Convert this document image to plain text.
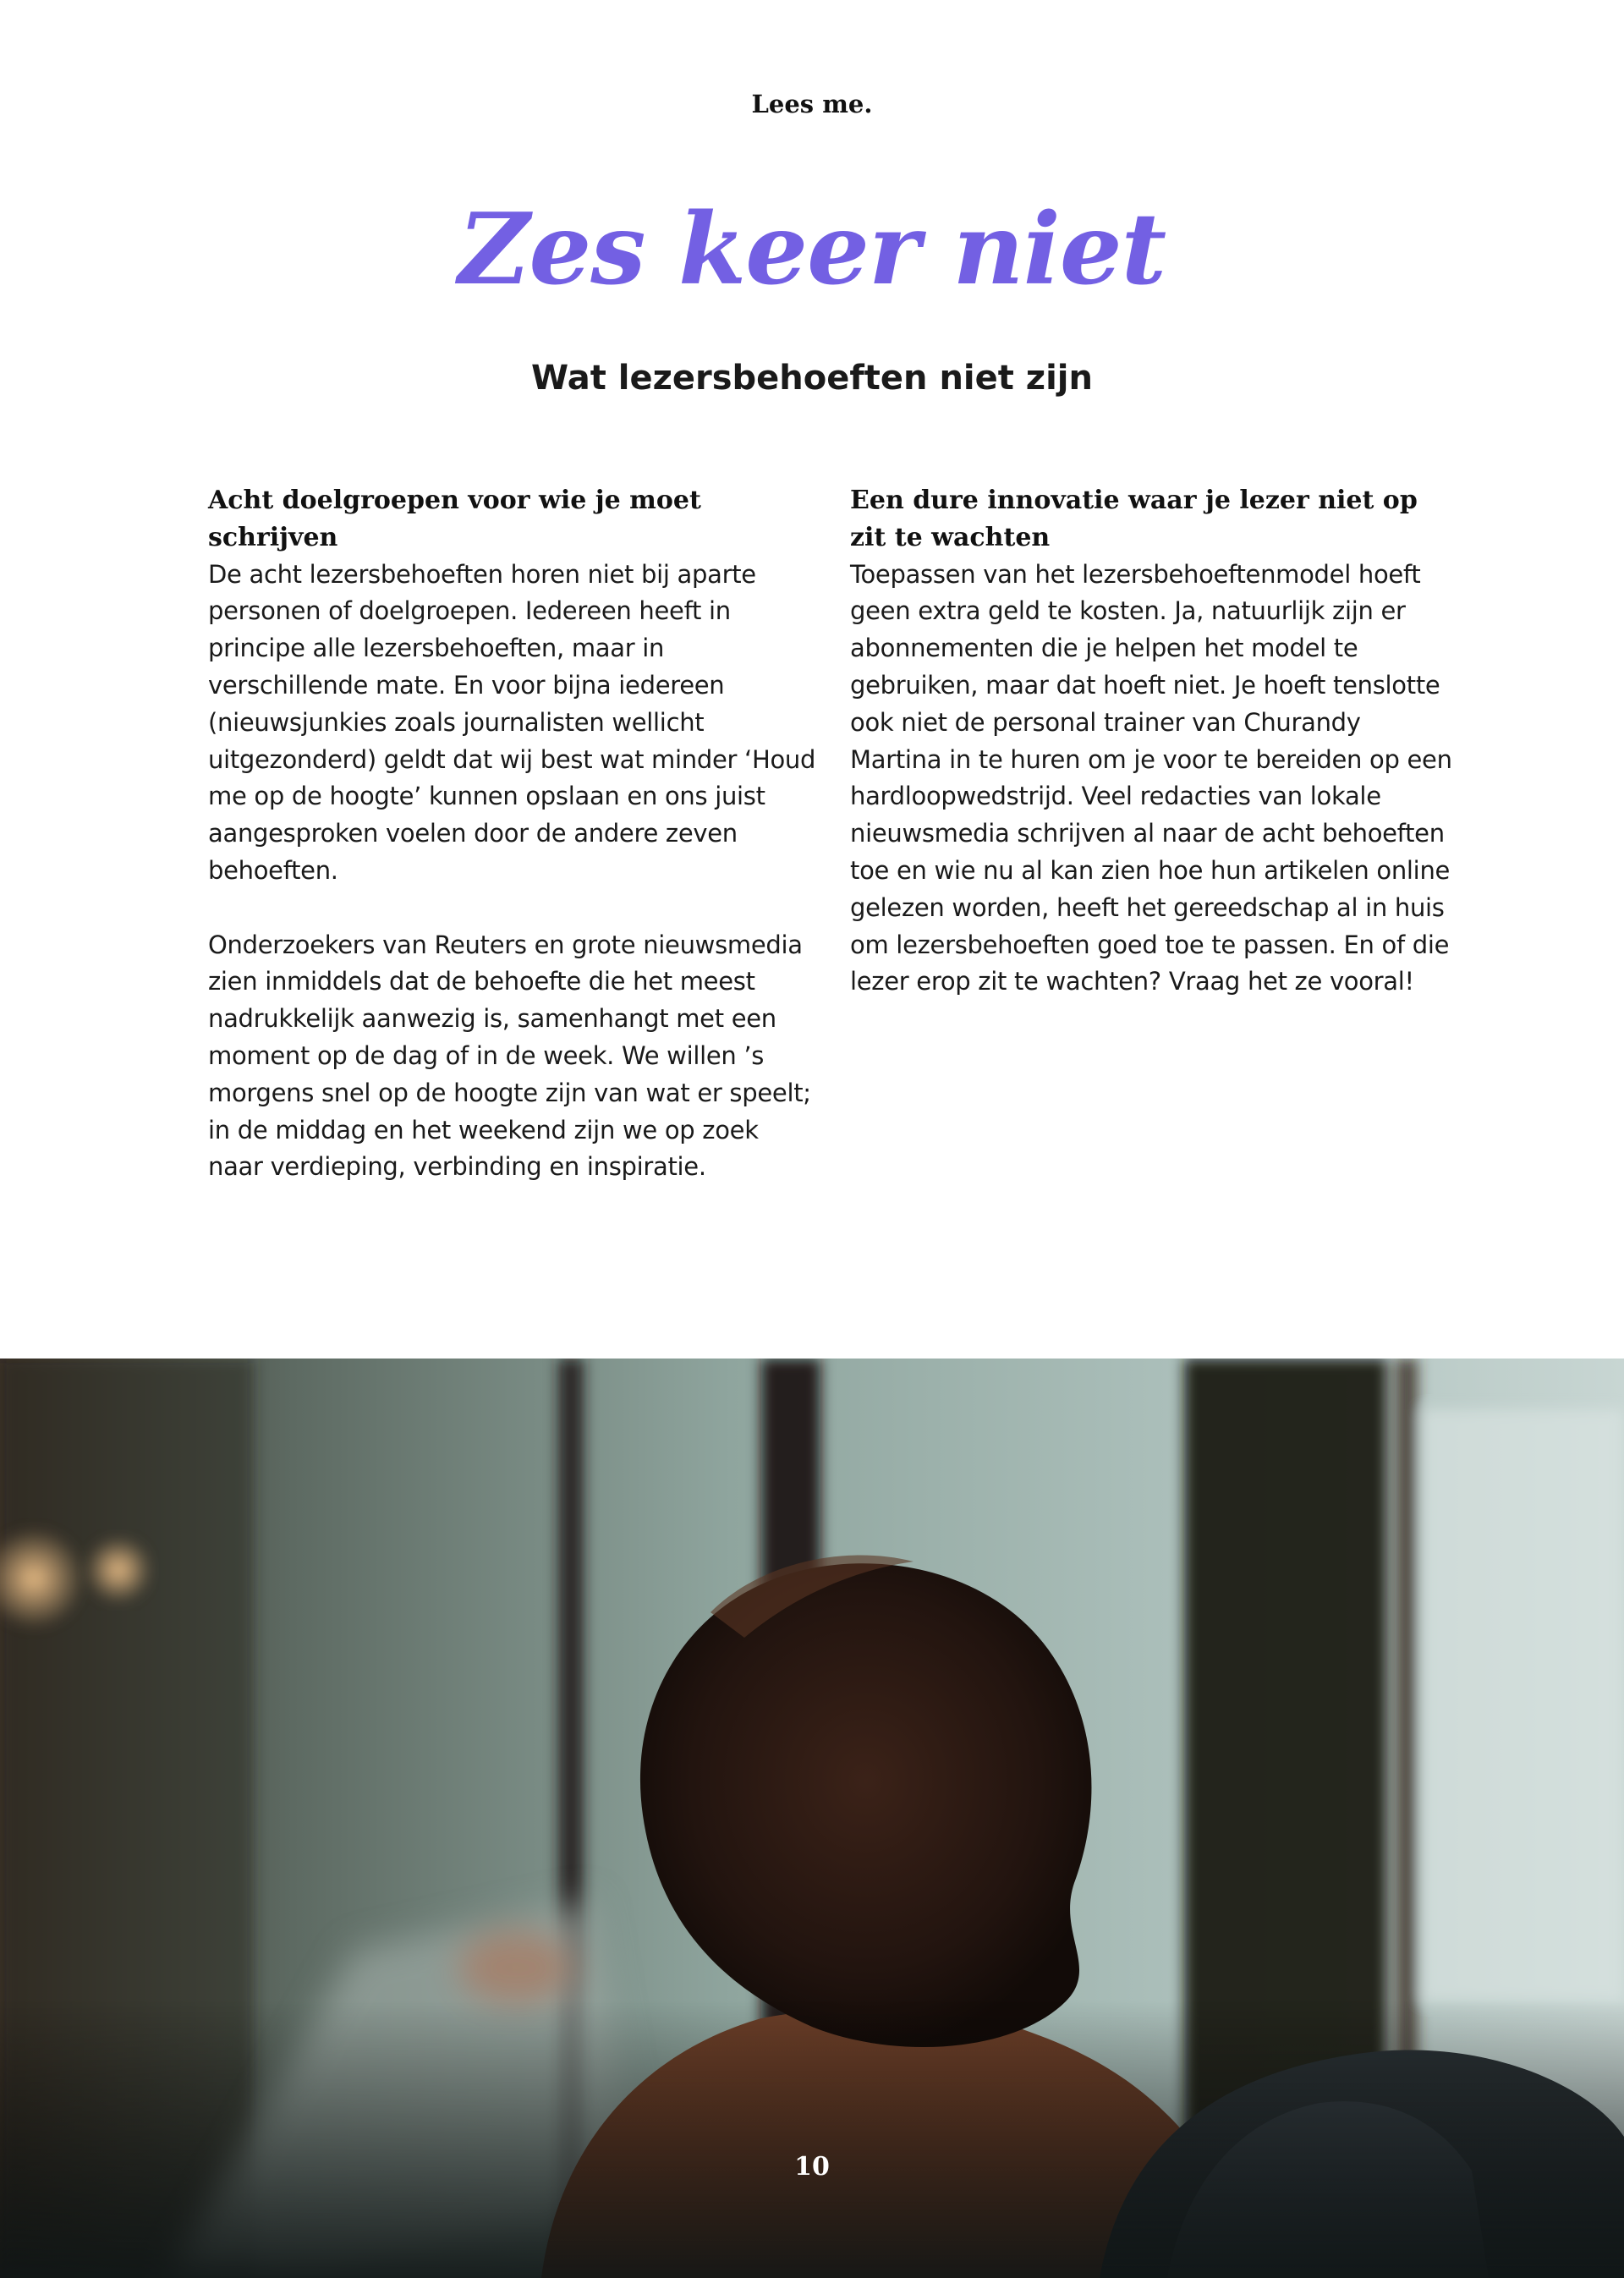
Lees me.
Zes keer niet
Wat lezersbehoeften niet zijn
Acht doelgroepen voor wie je moet schrijven

De acht lezersbehoeften horen niet bij aparte personen of doelgroepen. Iedereen heeft in principe alle lezersbehoeften, maar in verschillende mate. En voor bijna iedereen (nieuwsjunkies zoals journalisten wellicht uitgezonderd) geldt dat wij best wat minder ‘Houd me op de hoogte’ kunnen opslaan en ons juist aangesproken voelen door de andere zeven behoeften.

Onderzoekers van Reuters en grote nieuwsmedia zien inmiddels dat de behoefte die het meest nadrukkelijk aanwezig is, samenhangt met een moment op de dag of in de week. We willen ’s morgens snel op de hoogte zijn van wat er speelt; in de middag en het weekend zijn we op zoek naar verdieping, verbinding en inspiratie.

Een dure innovatie waar je lezer niet op zit te wachten

Toepassen van het lezersbehoeftenmodel hoeft geen extra geld te kosten. Ja, natuurlijk zijn er abonnementen die je helpen het model te gebruiken, maar dat hoeft niet. Je hoeft tenslotte ook niet de personal trainer van Churandy Martina in te huren om je voor te bereiden op een hardloopwedstrijd. Veel redacties van lokale nieuwsmedia schrijven al naar de acht behoeften toe en wie nu al kan zien hoe hun artikelen online gelezen worden, heeft het gereedschap al in huis om lezersbehoeften goed toe te passen. En of die lezer erop zit te wachten? Vraag het ze vooral!

10
